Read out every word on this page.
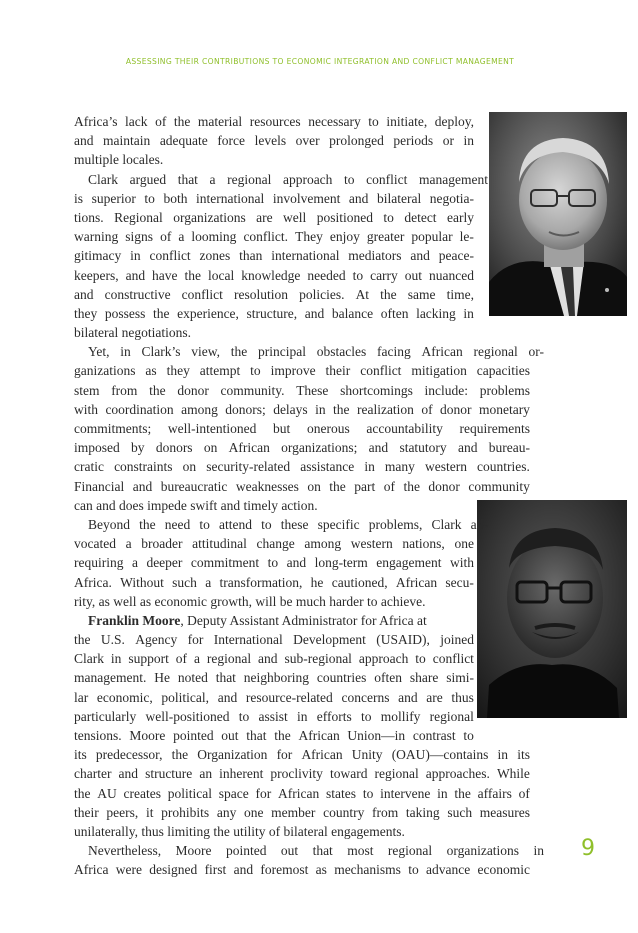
ASSESSING THEIR CONTRIBUTIONS TO ECONOMIC INTEGRATION AND CONFLICT MANAGEMENT
Africa’s lack of the material resources necessary to initiate, deploy,
and maintain adequate force levels over prolonged periods or in
multiple locales.
Clark argued that a regional approach to conflict management
is superior to both international involvement and bilateral negotia-
tions. Regional organizations are well positioned to detect early
warning signs of a looming conflict. They enjoy greater popular le-
gitimacy in conflict zones than international mediators and peace-
keepers, and have the local knowledge needed to carry out nuanced
and constructive conflict resolution policies. At the same time,
they possess the experience, structure, and balance often lacking in
bilateral negotiations.
Yet, in Clark’s view, the principal obstacles facing African regional or-
ganizations as they attempt to improve their conflict mitigation capacities
stem from the donor community. These shortcomings include: problems
with coordination among donors; delays in the realization of donor monetary
commitments; well-intentioned but onerous accountability requirements
imposed by donors on African organizations; and statutory and bureau-
cratic constraints on security-related assistance in many western countries.
Financial and bureaucratic weaknesses on the part of the donor community
can and does impede swift and timely action.
Beyond the need to attend to these specific problems, Clark ad-
vocated a broader attitudinal change among western nations, one
requiring a deeper commitment to and long-term engagement with
Africa. Without such a transformation, he cautioned, African secu-
rity, as well as economic growth, will be much harder to achieve.
Franklin Moore, Deputy Assistant Administrator for Africa at
the U.S. Agency for International Development (USAID), joined
Clark in support of a regional and sub-regional approach to conflict
management. He noted that neighboring countries often share simi-
lar economic, political, and resource-related concerns and are thus
particularly well-positioned to assist in efforts to mollify regional
tensions. Moore pointed out that the African Union—in contrast to
its predecessor, the Organization for African Unity (OAU)—contains in its
charter and structure an inherent proclivity toward regional approaches. While
the AU creates political space for African states to intervene in the affairs of
their peers, it prohibits any one member country from taking such measures
unilaterally, thus limiting the utility of bilateral engagements.
Nevertheless, Moore pointed out that most regional organizations in
Africa were designed first and foremost as mechanisms to advance economic
9
